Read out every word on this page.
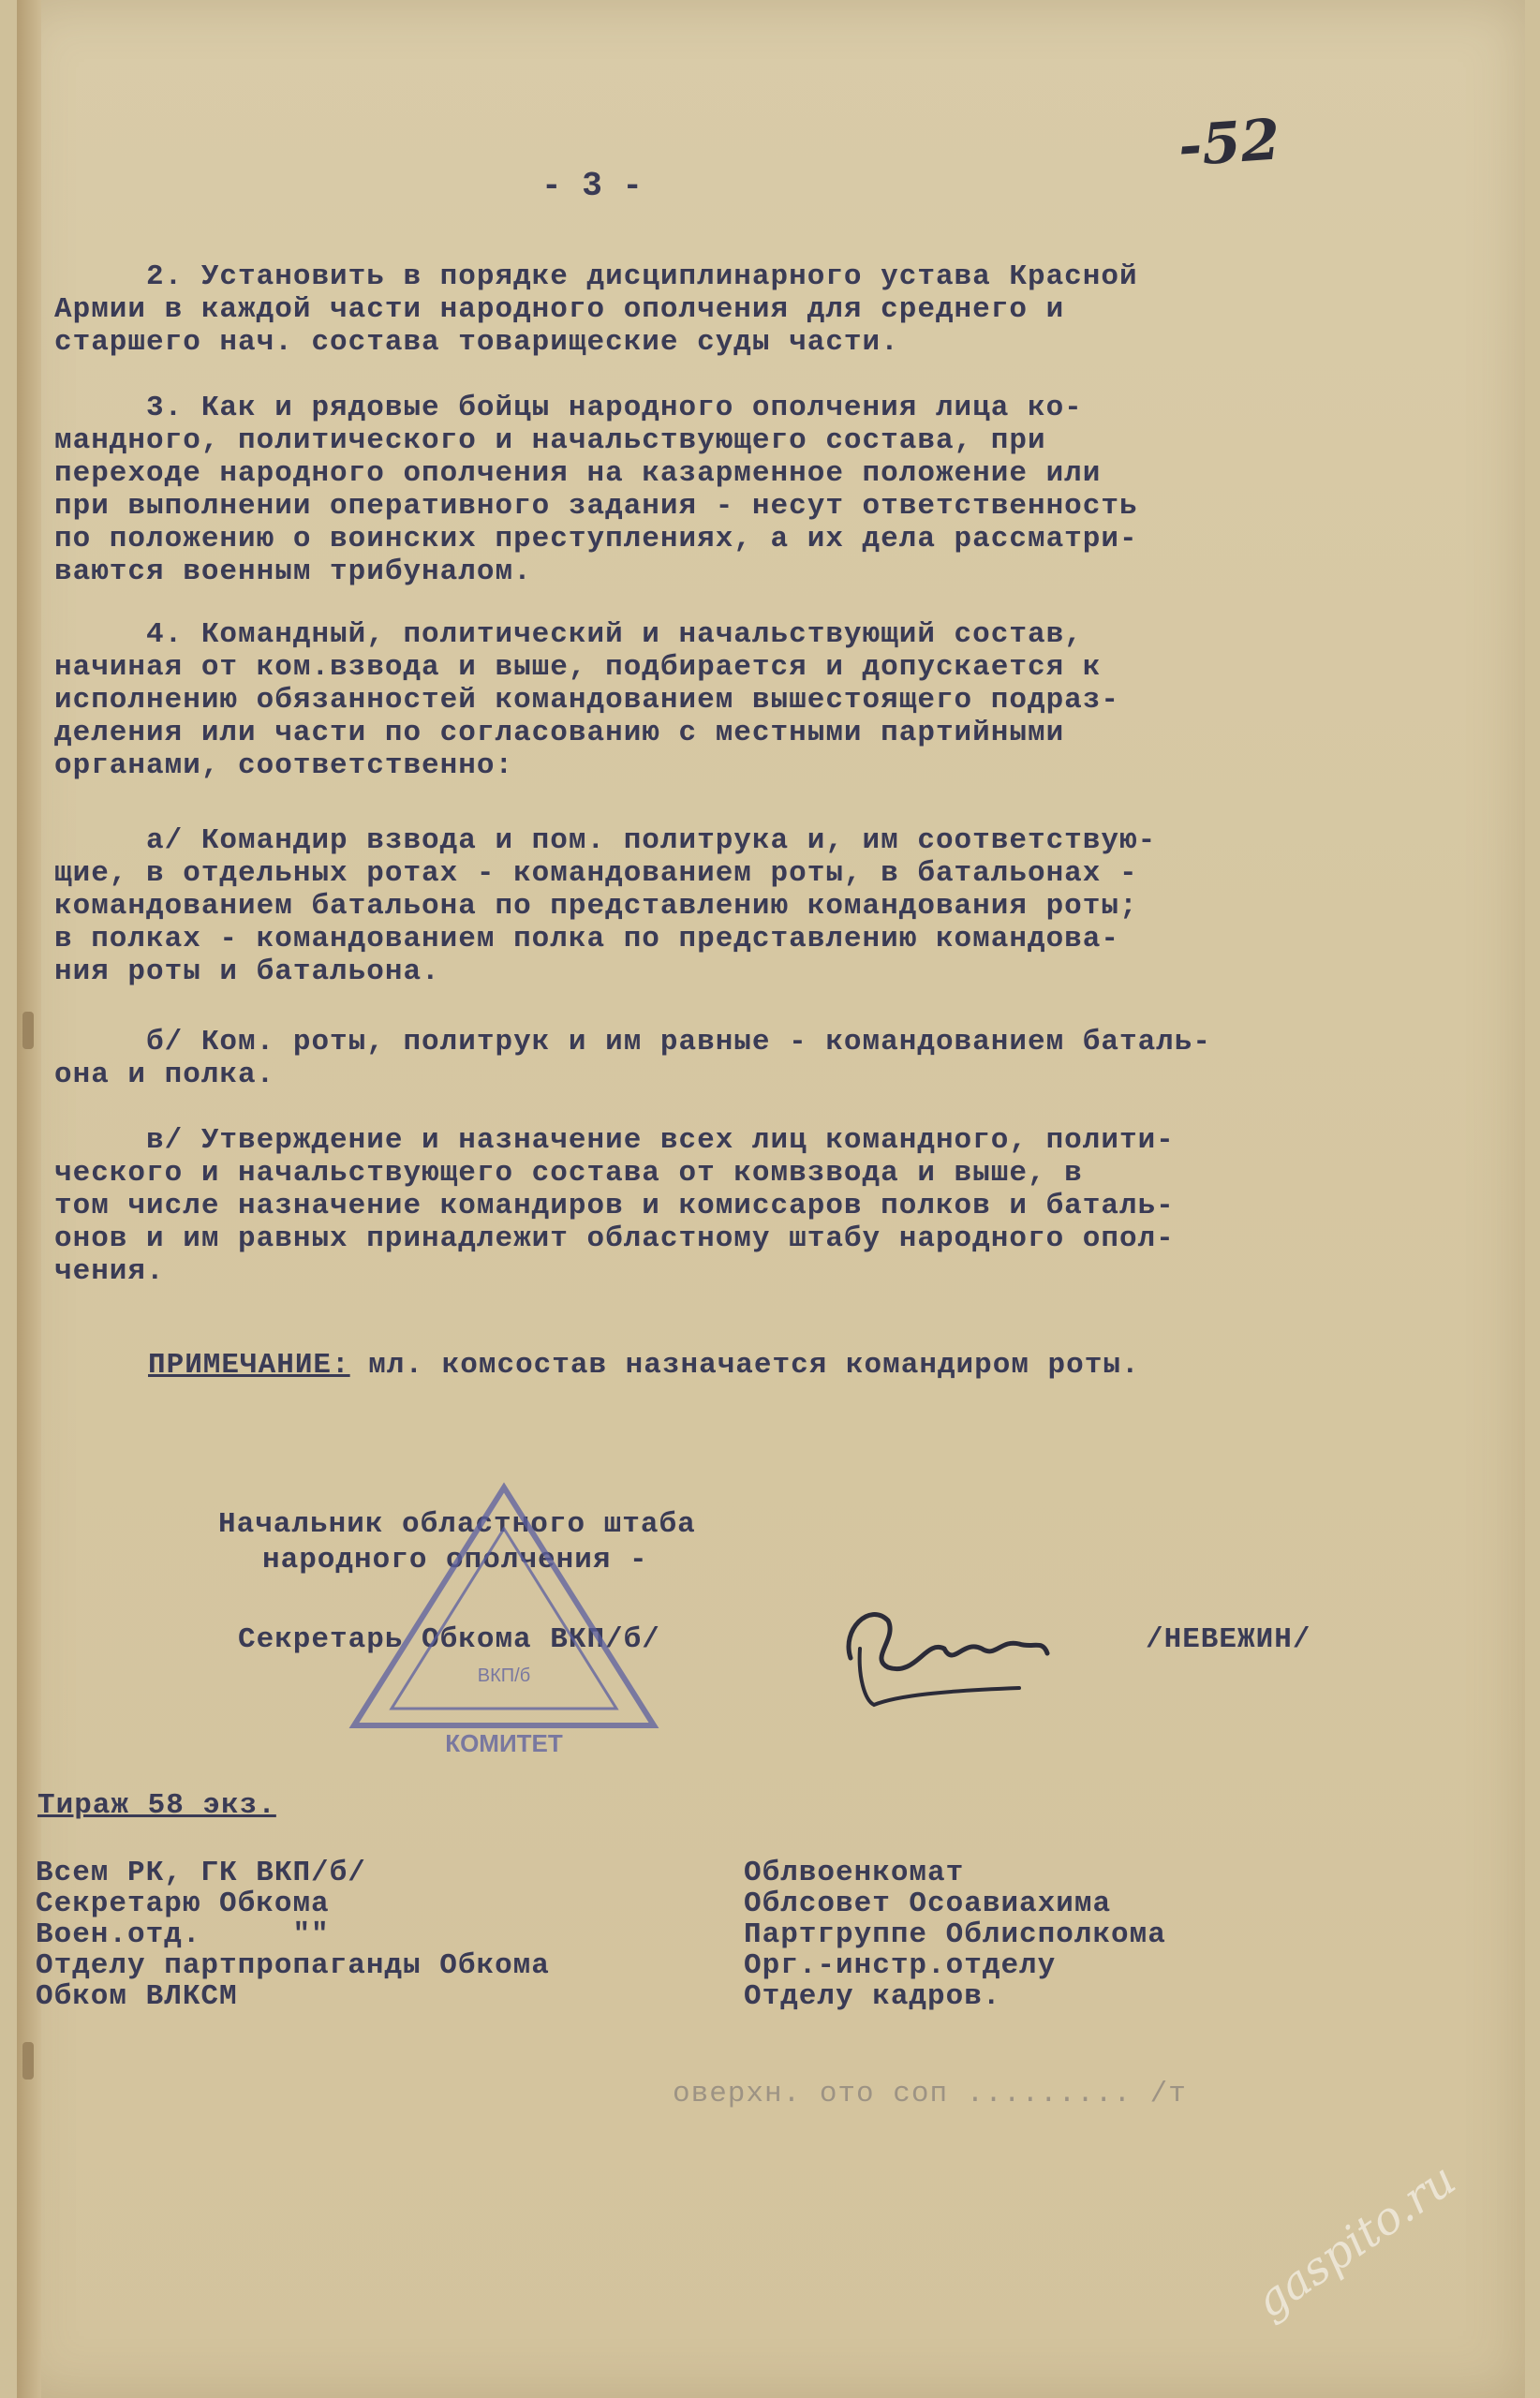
- 3 -

-52

2. Установить в порядке дисциплинарного устава Красной
Армии в каждой части народного ополчения для среднего и
старшего нач. состава товарищеские суды части.

3. Как и рядовые бойцы народного ополчения лица ко-
мандного, политического и начальствующего состава, при
переходе народного ополчения на казарменное положение или
при выполнении оперативного задания - несут ответственность
по положению о воинских преступлениях, а их дела рассматри-
ваются военным трибуналом.

4. Командный, политический и начальствующий состав,
начиная от ком.взвода и выше, подбирается и допускается к
исполнению обязанностей командованием вышестоящего подраз-
деления или части по согласованию с местными партийными
органами, соответственно:

а/ Командир взвода и пом. политрука и, им соответствую-
щие, в отдельных ротах - командованием роты, в батальонах -
командованием батальона по представлению командования роты;
в полках - командованием полка по представлению командова-
ния роты и батальона.

б/ Ком. роты, политрук и им равные - командованием баталь-
она и полка.

в/ Утверждение и назначение всех лиц командного, полити-
ческого и начальствующего состава от комвзвода и выше, в
том числе назначение командиров и комиссаров полков и баталь-
онов и им равных принадлежит областному штабу народного опол-
чения.

ПРИМЕЧАНИЕ: мл. комсостав назначается командиром роты.

Начальник областного штаба

народного ополчения -

Секретарь Обкома ВКП/б/	/НЕВЕЖИН/

ВКП/б
КОМИТЕТ

Тираж 58 экз.

Всем РК, ГК ВКП/б/
Секретарю Обкома
Воен.отд.     ""
Отделу партпропаганды Обкома
Обком ВЛКСМ

Облвоенкомат
Облсовет Осоавиахима
Партгруппе Облисполкома
Орг.-инстр.отделу
Отделу кадров.

оверхн. ото соп ......... /т

gaspito.ru
